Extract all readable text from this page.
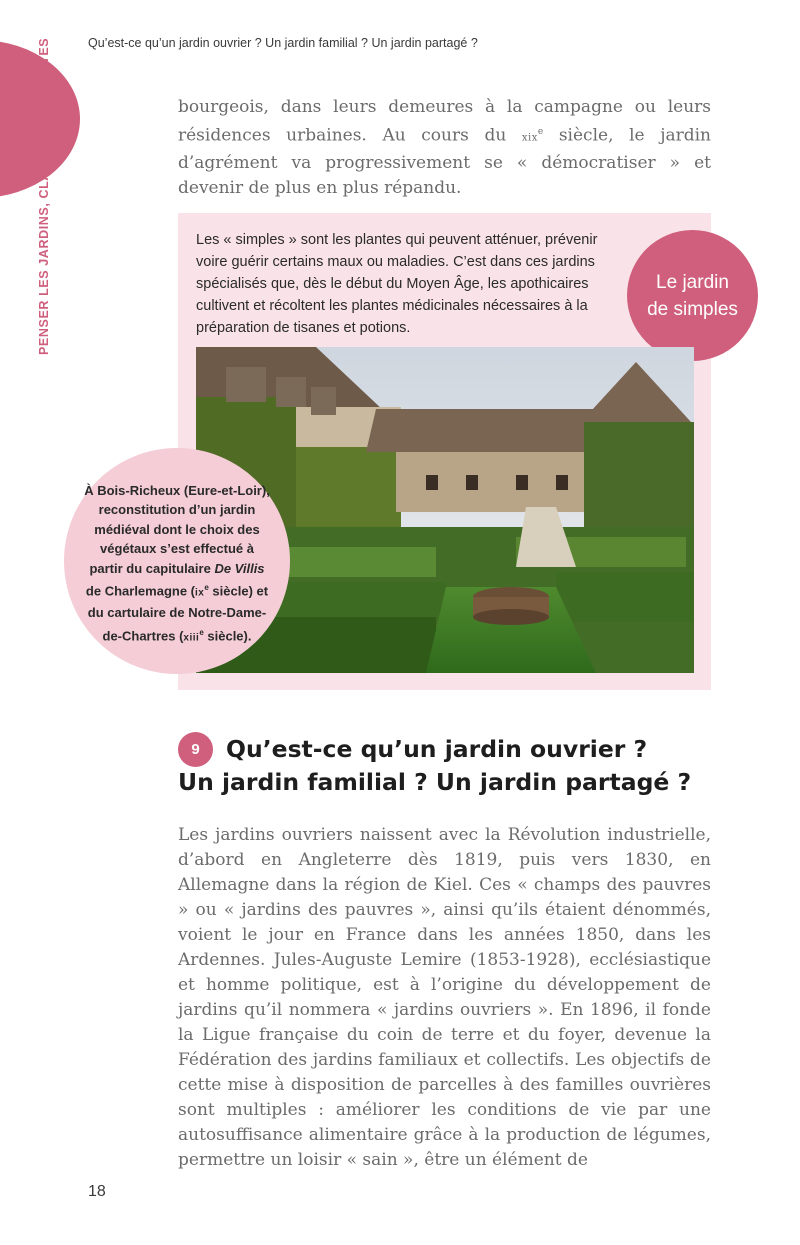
Qu’est-ce qu’un jardin ouvrier ? Un jardin familial ? Un jardin partagé ?
PENSER LES JARDINS, CLASSER LES PLANTES	bourgeois, dans leurs demeures à la campagne ou leurs résidences urbaines. Au cours du xix$^e$ siècle, le jardin d’agrément va progressivement se « démocratiser » et devenir de plus en plus répandu.

Les « simples » sont les plantes qui peuvent atténuer, prévenir voire guérir certains maux ou maladies. C’est dans ces jardins spécialisés que, dès le début du Moyen Âge, les apothicaires cultivent et récoltent les plantes médicinales nécessaires à la préparation de tisanes et potions.

Le jardin
de simples
À Bois-Richeux (Eure-et-Loir), reconstitution d’un jardin médiéval dont le choix des végétaux s’est effectué à partir du capitulaire De Villis de Charlemagne ($ix^e$ siècle) et du cartulaire de Notre-Dame-de-Chartres (xiii$^e$ siècle).
9	Qu’est-ce qu’un jardin ouvrier ?
Un jardin familial ? Un jardin partagé ?

Les jardins ouvriers naissent avec la Révolution industrielle, d’abord en Angleterre dès 1819, puis vers 1830, en Allemagne dans la région de Kiel. Ces « champs des pauvres » ou « jardins des pauvres », ainsi qu’ils étaient dénommés, voient le jour en France dans les années 1850, dans les Ardennes. Jules-Auguste Lemire (1853-1928), ecclésiastique et homme politique, est à l’origine du développement de jardins qu’il nommera « jardins ouvriers ». En 1896, il fonde la Ligue française du coin de terre et du foyer, devenue la Fédération des jardins familiaux et collectifs. Les objectifs de cette mise à disposition de parcelles à des familles ouvrières sont multiples : améliorer les conditions de vie par une autosuffisance alimentaire grâce à la production de légumes, permettre un loisir « sain », être un élément de

18
